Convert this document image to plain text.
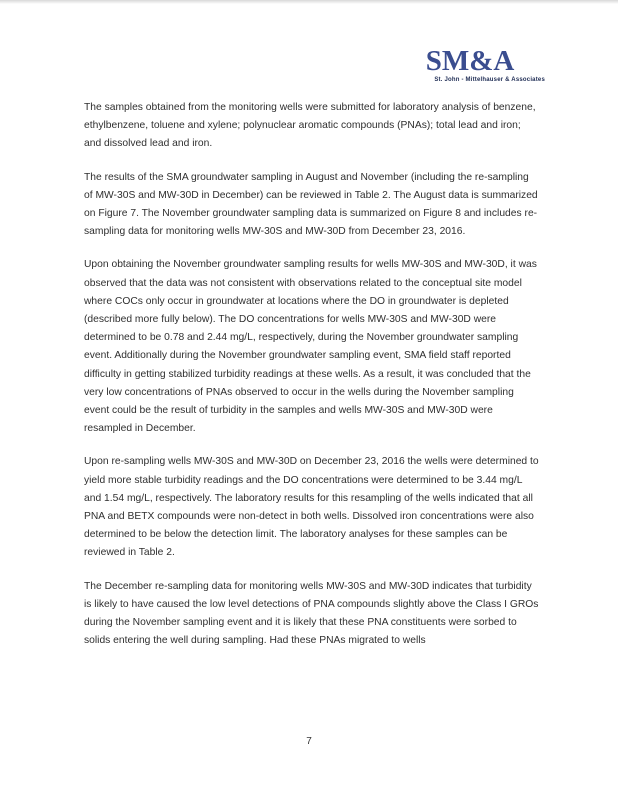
SM&A
St. John - Mittelhauser & Associates

The samples obtained from the monitoring wells were submitted for laboratory analysis of benzene, ethylbenzene, toluene and xylene; polynuclear aromatic compounds (PNAs); total lead and iron; and dissolved lead and iron.

The results of the SMA groundwater sampling in August and November (including the re-sampling of MW-30S and MW-30D in December) can be reviewed in Table 2. The August data is summarized on Figure 7. The November groundwater sampling data is summarized on Figure 8 and includes re-sampling data for monitoring wells MW-30S and MW-30D from December 23, 2016.

Upon obtaining the November groundwater sampling results for wells MW-30S and MW-30D, it was observed that the data was not consistent with observations related to the conceptual site model where COCs only occur in groundwater at locations where the DO in groundwater is depleted (described more fully below). The DO concentrations for wells MW-30S and MW-30D were determined to be 0.78 and 2.44 mg/L, respectively, during the November groundwater sampling event. Additionally during the November groundwater sampling event, SMA field staff reported difficulty in getting stabilized turbidity readings at these wells. As a result, it was concluded that the very low concentrations of PNAs observed to occur in the wells during the November sampling event could be the result of turbidity in the samples and wells MW-30S and MW-30D were resampled in December.

Upon re-sampling wells MW-30S and MW-30D on December 23, 2016 the wells were determined to yield more stable turbidity readings and the DO concentrations were determined to be 3.44 mg/L and 1.54 mg/L, respectively. The laboratory results for this resampling of the wells indicated that all PNA and BETX compounds were non-detect in both wells. Dissolved iron concentrations were also determined to be below the detection limit. The laboratory analyses for these samples can be reviewed in Table 2.

The December re-sampling data for monitoring wells MW-30S and MW-30D indicates that turbidity is likely to have caused the low level detections of PNA compounds slightly above the Class I GROs during the November sampling event and it is likely that these PNA constituents were sorbed to solids entering the well during sampling. Had these PNAs migrated to wells

7
